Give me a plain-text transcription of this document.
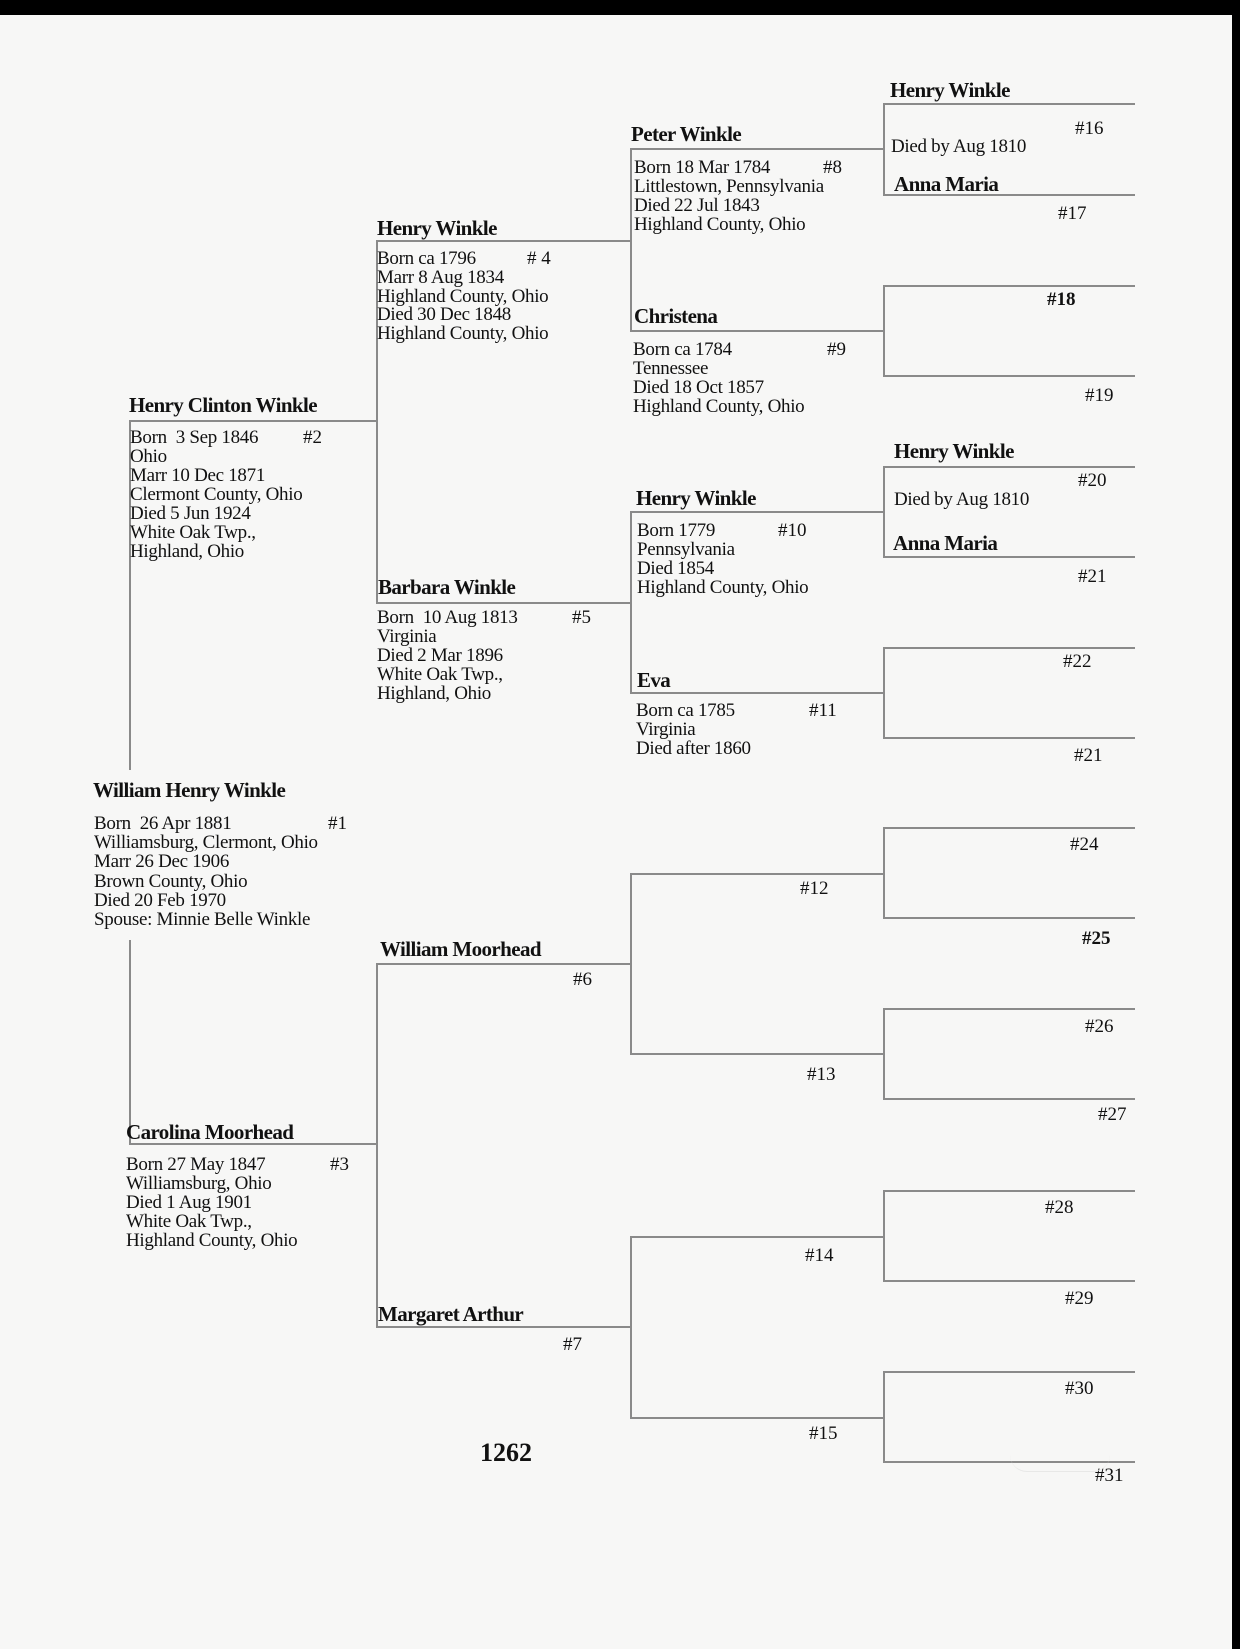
William Henry Winkle
Born  26 Apr 1881	#1
Williamsburg, Clermont, Ohio
Marr 26 Dec 1906
Brown County, Ohio
Died 20 Feb 1970
Spouse: Minnie Belle Winkle
Henry Clinton Winkle
Born  3 Sep 1846 #2
Ohio
Marr 10 Dec 1871
Clermont County, Ohio
Died 5 Jun 1924
White Oak Twp.,
Highland, Ohio
Carolina Moorhead
Born 27 May 1847	#3
Williamsburg, Ohio
Died 1 Aug 1901
White Oak Twp.,
Highland County, Ohio
Henry Winkle
Born ca 1796	# 4
Marr 8 Aug 1834
Highland County, Ohio
Died 30 Dec 1848
Highland County, Ohio
Barbara Winkle
Born  10 Aug 1813	#5
Virginia
Died 2 Mar 1896
White Oak Twp.,
Highland, Ohio
William Moorhead
#6
Margaret Arthur
#7
Peter Winkle
Born 18 Mar 1784	#8
Littlestown, Pennsylvania
Died 22 Jul 1843
Highland County, Ohio
Christena
Born ca 1784	#9
Tennessee
Died 18 Oct 1857
Highland County, Ohio
Henry Winkle
Born 1779	#10
Pennsylvania
Died 1854
Highland County, Ohio
Eva
Born ca 1785	#11
Virginia
Died after 1860
#12
#13
#14
#15
Henry Winkle
Died by Aug 1810
#16
Anna Maria
#17
#18
#19
Henry Winkle
Died by Aug 1810
#20
Anna Maria
#21
#22
#21
#24
#25
#26
#27
#28
#29
#30
#31
1262
